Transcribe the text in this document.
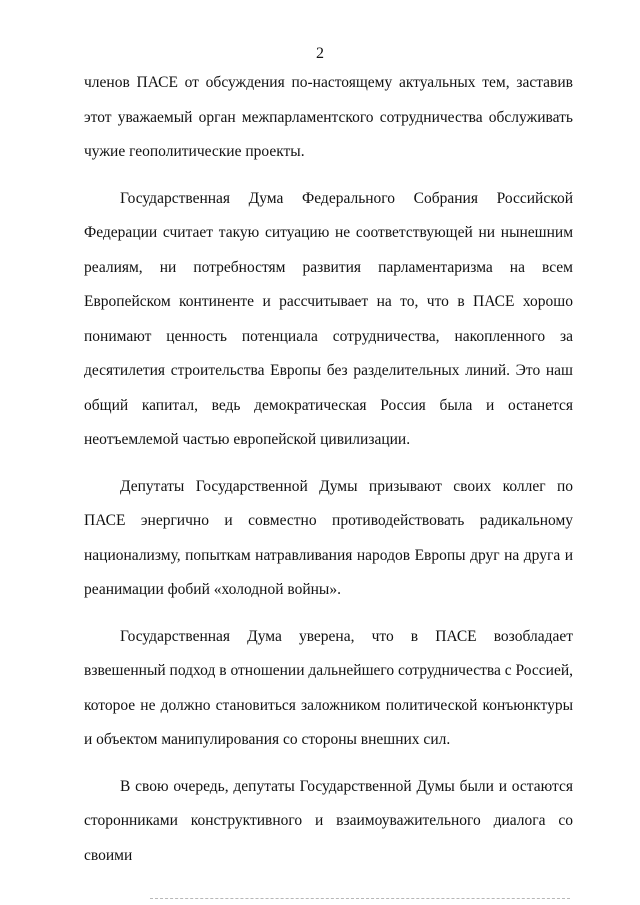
2

членов ПАСЕ от обсуждения по-настоящему актуальных тем, заставив этот уважаемый орган межпарламентского сотрудничества обслуживать чужие геополитические проекты.

Государственная Дума Федерального Собрания Российской Федерации считает такую ситуацию не соответствующей ни нынешним реалиям, ни потребностям развития парламентаризма на всем Европейском континенте и рассчитывает на то, что в ПАСЕ хорошо понимают ценность потенциала сотрудничества, накопленного за десятилетия строительства Европы без разделительных линий. Это наш общий капитал, ведь демократическая Россия была и останется неотъемлемой частью европейской цивилизации.

Депутаты Государственной Думы призывают своих коллег по ПАСЕ энергично и совместно противодействовать радикальному национализму, попыткам натравливания народов Европы друг на друга и реанимации фобий «холодной войны».

Государственная Дума уверена, что в ПАСЕ возобладает взвешенный подход в отношении дальнейшего сотрудничества с Россией, которое не должно становиться заложником политической конъюнктуры и объектом манипулирования со стороны внешних сил.

В свою очередь, депутаты Государственной Думы были и остаются сторонниками конструктивного и взаимоуважительного диалога со своими
